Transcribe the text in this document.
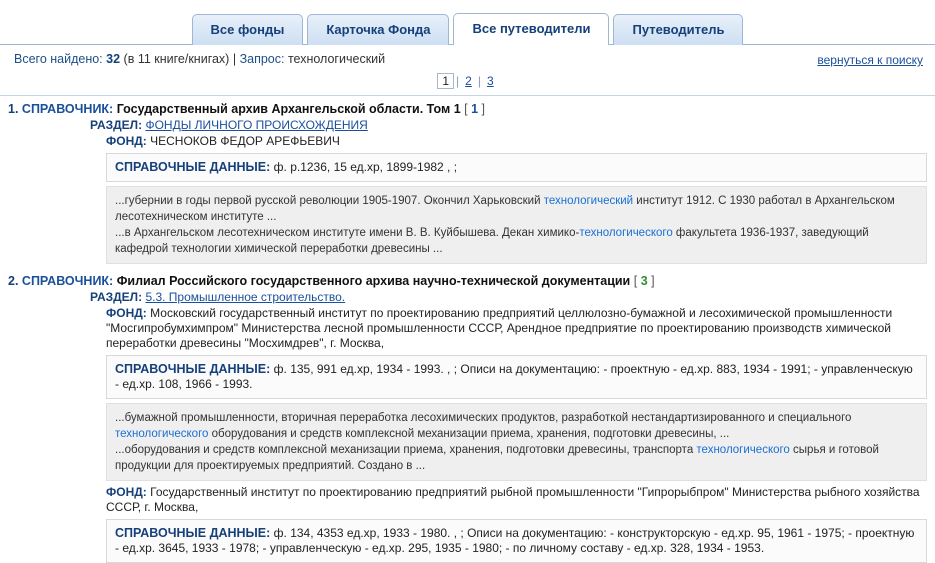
Все фонды	Карточка Фонда	Все путеводители	Путеводитель
Всего найдено: 32 (в 11 книге/книгах) | Запрос: технологический	вернуться к поиску
1 | 2 | 3
1. СПРАВОЧНИК: Государственный архив Архангельской области. Том 1 [ 1 ]
РАЗДЕЛ: ФОНДЫ ЛИЧНОГО ПРОИСХОЖДЕНИЯ
ФОНД: ЧЕСНОКОВ ФЕДОР АРЕФЬЕВИЧ
СПРАВОЧНЫЕ ДАННЫЕ: ф. р.1236, 15 ед.хр, 1899-1982 , ;

...губернии в годы первой русской революции 1905-1907. Окончил Харьковский технологический институт 1912. С 1930 работал в Архангельском лесотехническом институте ...

...в Архангельском лесотехническом институте имени В. В. Куйбышева. Декан химико-технологического факультета 1936-1937, заведующий кафедрой технологии химической переработки древесины ...

2. СПРАВОЧНИК: Филиал Российского государственного архива научно-технической документации [ 3 ]
РАЗДЕЛ: 5.3. Промышленное строительство.
ФОНД: Московский государственный институт по проектированию предприятий целлюлозно-бумажной и лесохимической промышленности "Мосгипробумхимпром" Министерства лесной промышленности СССР, Арендное предприятие по проектированию производств химической переработки древесины "Мосхимдрев", г. Москва,
СПРАВОЧНЫЕ ДАННЫЕ: ф. 135, 991 ед.хр, 1934 - 1993. , ; Описи на документацию: - проектную - ед.хр. 883, 1934 - 1991; - управленческую - ед.хр. 108, 1966 - 1993.

...бумажной промышленности, вторичная переработка лесохимических продуктов, разработкой нестандартизированного и специального технологического оборудования и средств комплексной механизации приема, хранения, подготовки древесины, ...

...оборудования и средств комплексной механизации приема, хранения, подготовки древесины, транспорта технологического сырья и готовой продукции для проектируемых предприятий. Создано в ...

ФОНД: Государственный институт по проектированию предприятий рыбной промышленности "Гипрорыбпром" Министерства рыбного хозяйства СССР, г. Москва,
СПРАВОЧНЫЕ ДАННЫЕ: ф. 134, 4353 ед.хр, 1933 - 1980. , ; Описи на документацию: - конструкторскую - ед.хр. 95, 1961 - 1975; - проектную - ед.хр. 3645, 1933 - 1978; - управленческую - ед.хр. 295, 1935 - 1980; - по личному составу - ед.хр. 328, 1934 - 1953.
